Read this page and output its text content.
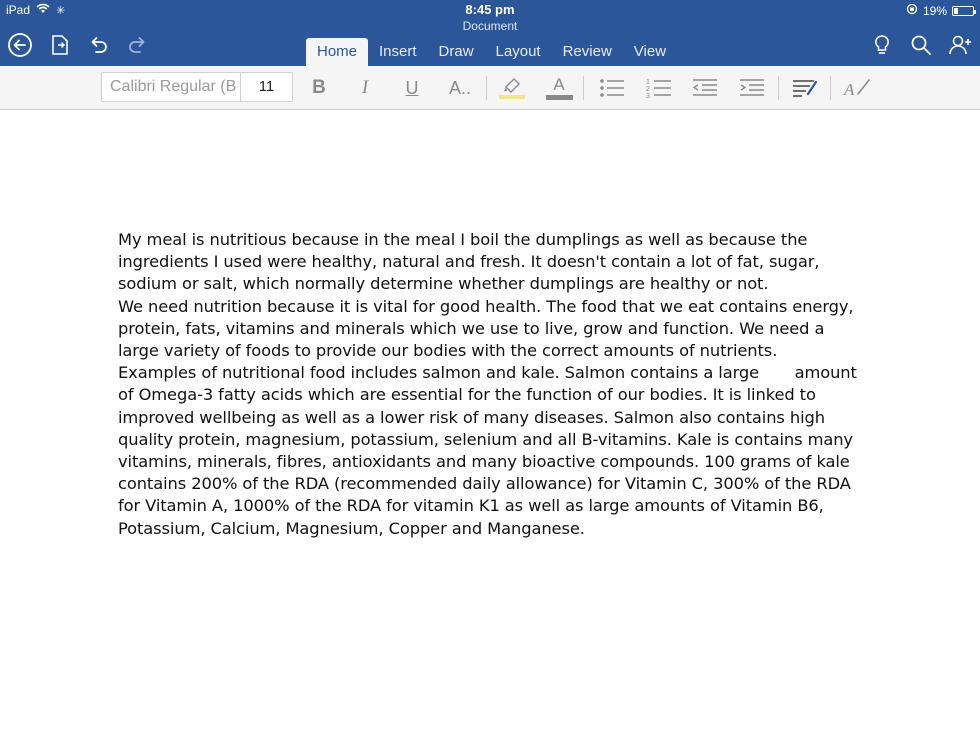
iPad ✳	8:45 pm
Document
19%
Home	Insert	Draw	Layout	Review	View
Calibri Regular (B	11	B	I	U	A..	A	1
2
3	A

My meal is nutritious because in the meal I boil the dumplings as well as because the ingredients I used were healthy, natural and fresh. It doesn't contain a lot of fat, sugar, sodium or salt, which normally determine whether dumplings are healthy or not.

We need nutrition because it is vital for good health. The food that we eat contains energy, protein, fats, vitamins and minerals which we use to live, grow and function. We need a large variety of foods to provide our bodies with the correct amounts of nutrients.

Examples of nutritional food includes salmon and kale. Salmon contains a large       amount of Omega-3 fatty acids which are essential for the function of our bodies. It is linked to improved wellbeing as well as a lower risk of many diseases. Salmon also contains high quality protein, magnesium, potassium, selenium and all B-vitamins. Kale is contains many vitamins, minerals, fibres, antioxidants and many bioactive compounds. 100 grams of kale contains 200% of the RDA (recommended daily allowance) for Vitamin C, 300% of the RDA for Vitamin A, 1000% of the RDA for vitamin K1 as well as large amounts of Vitamin B6, Potassium, Calcium, Magnesium, Copper and Manganese.
